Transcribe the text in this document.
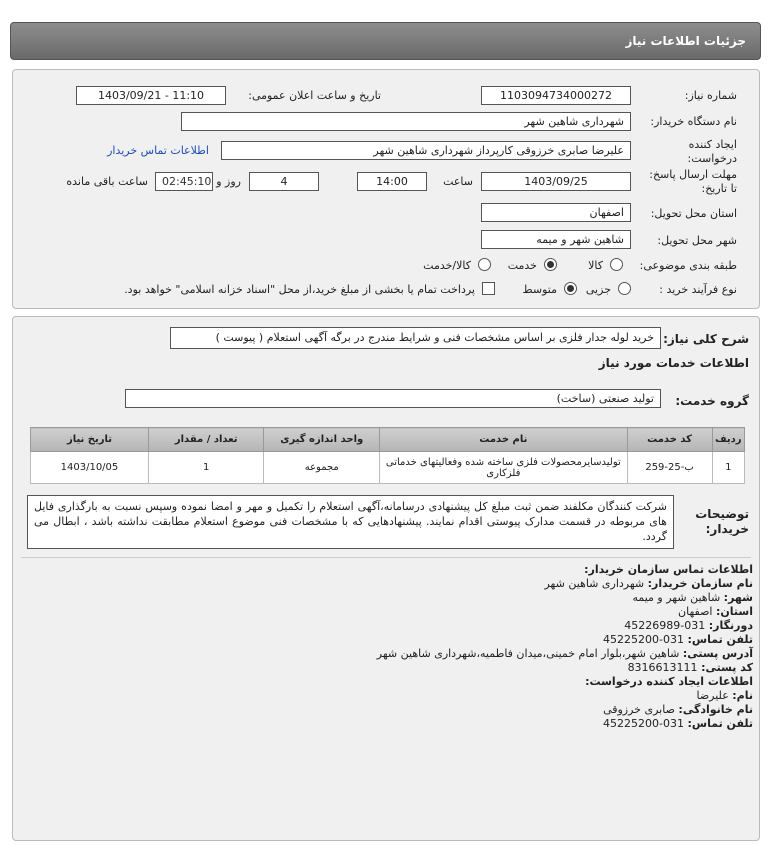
جزئیات اطلاعات نیاز
شماره نیاز:
1103094734000272
تاریخ و ساعت اعلان عمومی:
1403/09/21 - 11:10
نام دستگاه خریدار:
شهرداری شاهین شهر
ایجاد کننده
درخواست:
علیرضا صابری خرزوقی کارپرداز شهرداری شاهین شهر
اطلاعات تماس خریدار
مهلت ارسال پاسخ:
تا تاریخ:
1403/09/25
ساعت
14:00
4
روز و
02:45:10
ساعت باقی مانده
استان محل تحویل:
اصفهان
شهر محل تحویل:
شاهین شهر و میمه
طبقه بندی موضوعی:
کالا
خدمت
کالا/خدمت
نوع فرآیند خرید :
جزیی
متوسط
پرداخت تمام یا بخشی از مبلغ خرید،از محل "اسناد خزانه اسلامی" خواهد بود.
شرح کلی نیاز:
خرید لوله جدار فلزی بر اساس مشخصات فنی و شرایط مندرج در برگه آگهی استعلام ( پیوست )
اطلاعات خدمات مورد نیاز
گروه خدمت:
تولید صنعتی (ساخت)
ردیف	کد خدمت	نام خدمت	واحد اندازه گیری	تعداد / مقدار	تاریخ نیاز
1	ب-25-259	تولیدسایرمحصولات فلزی ساخته شده وفعالیتهای خدماتی فلزکاری	مجموعه	1	1403/10/05
توضیحات
خریدار:
شرکت کنندگان مکلفند ضمن ثبت مبلغ کل پیشنهادی درسامانه،آگهی استعلام را تکمیل و مهر و امضا نموده وسپس نسبت به بارگذاری فایل های مربوطه در قسمت مدارک پیوستی اقدام نمایند. پیشنهادهایی که با مشخصات فنی موضوع استعلام مطابقت نداشته باشد ، ابطال می گردد.
اطلاعات تماس سازمان خریدار:
نام سازمان خریدار: شهرداری شاهین شهر
شهر: شاهین شهر و میمه
استان: اصفهان
دورنگار: 031-45226989
تلفن تماس: 031-45225200
آدرس پستی: شاهین شهر،بلوار امام خمینی،میدان فاطمیه،شهرداری شاهین شهر
کد پستی: 8316613111
اطلاعات ایجاد کننده درخواست:
نام: علیرضا
نام خانوادگی: صابری خرزوقی
تلفن تماس: 031-45225200
